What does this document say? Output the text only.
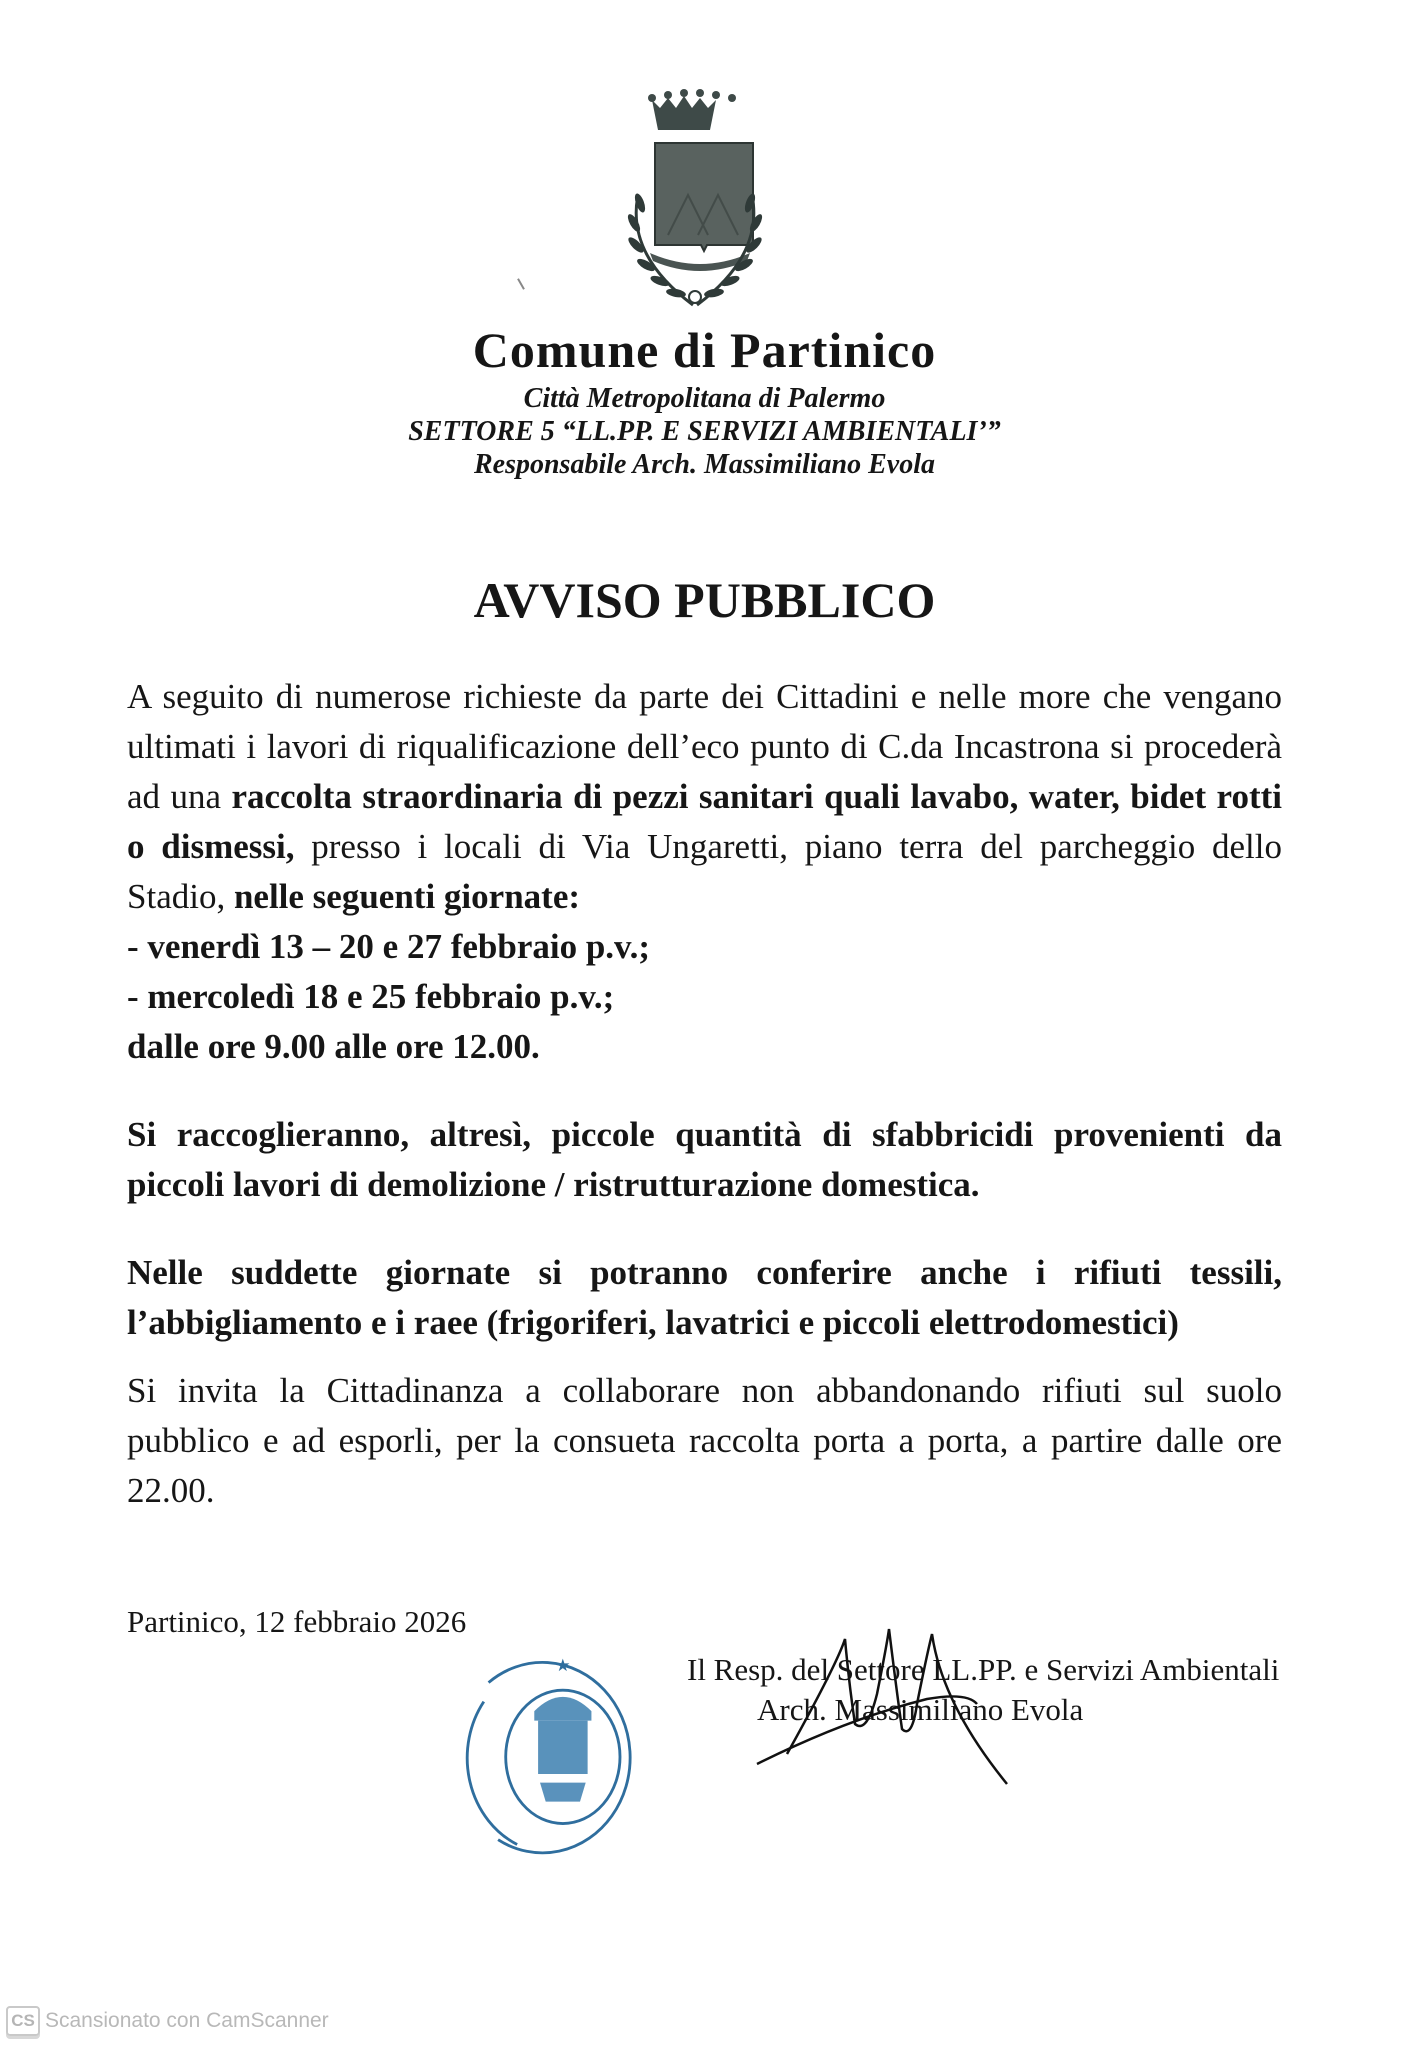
Comune di Partinico
Città Metropolitana di Palermo
SETTORE 5 “LL.PP. E SERVIZI AMBIENTALI’”
Responsabile Arch. Massimiliano Evola
AVVISO PUBBLICO

A seguito di numerose richieste da parte dei Cittadini e nelle more che vengano ultimati i lavori di riqualificazione dell’eco punto di C.da Incastrona si procederà ad una raccolta straordinaria di pezzi sanitari quali lavabo, water, bidet rotti o dismessi, presso i locali di Via Ungaretti, piano terra del parcheggio dello Stadio, nelle seguenti giornate:

- venerdì 13 – 20 e 27 febbraio p.v.;
- mercoledì 18 e 25 febbraio p.v.;
dalle ore 9.00 alle ore 12.00.

Si raccoglieranno, altresì, piccole quantità di sfabbricidi provenienti da piccoli lavori di demolizione / ristrutturazione domestica.

Nelle suddette giornate si potranno conferire anche i rifiuti tessili, l’abbigliamento e i raee (frigoriferi, lavatrici e piccoli elettrodomestici)

Si invita la Cittadinanza a collaborare non abbandonando rifiuti sul suolo pubblico e ad esporli, per la consueta raccolta porta a porta, a partire dalle ore 22.00.

Partinico, 12 febbraio 2026
★	Il Resp. del Settore LL.PP. e Servizi Ambientali
Arch. Massimiliano Evola
CS Scansionato con CamScanner
